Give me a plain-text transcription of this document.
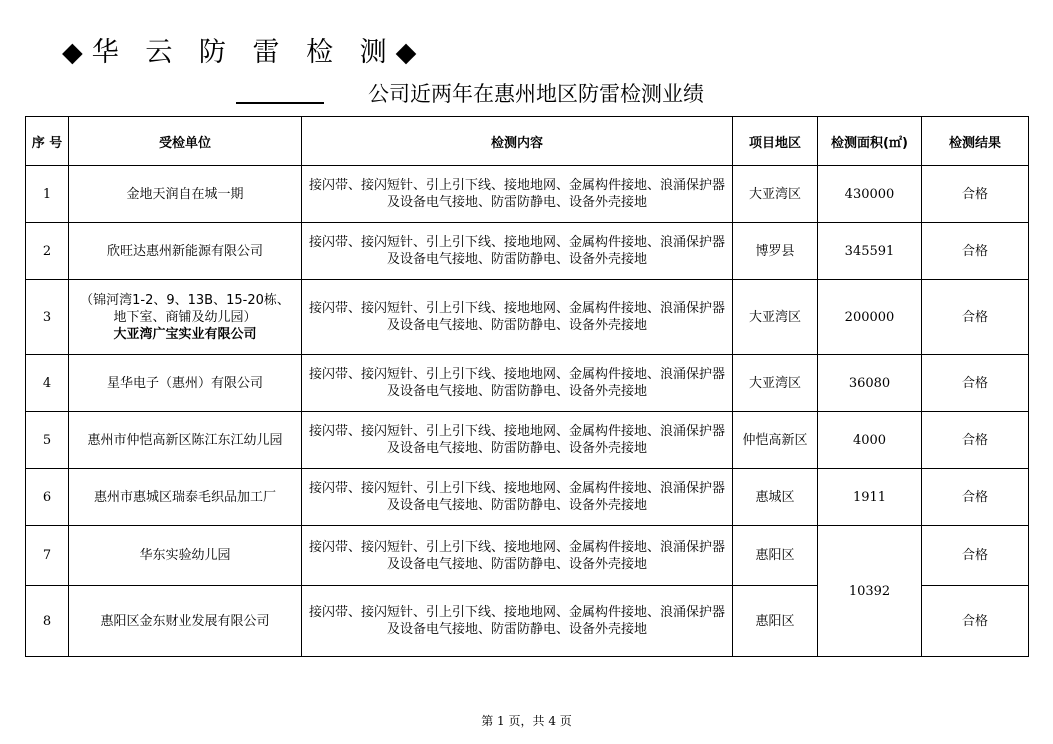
◆华 云 防 雷 检 测◆
公司近两年在惠州地区防雷检测业绩
序 号	受检单位	检测内容	项目地区	检测面积(㎡)	检测结果
1	金地天润自在城一期	接闪带、接闪短针、引上引下线、接地地网、金属构件接地、浪涌保护器及设备电气接地、防雷防静电、设备外壳接地	大亚湾区	430000	合格
2	欣旺达惠州新能源有限公司	接闪带、接闪短针、引上引下线、接地地网、金属构件接地、浪涌保护器及设备电气接地、防雷防静电、设备外壳接地	博罗县	345591	合格
3	（锦河湾1-2、9、13B、15-20栋、
地下室、商铺及幼儿园）
大亚湾广宝实业有限公司	接闪带、接闪短针、引上引下线、接地地网、金属构件接地、浪涌保护器及设备电气接地、防雷防静电、设备外壳接地	大亚湾区	200000	合格
4	星华电子（惠州）有限公司	接闪带、接闪短针、引上引下线、接地地网、金属构件接地、浪涌保护器及设备电气接地、防雷防静电、设备外壳接地	大亚湾区	36080	合格
5	惠州市仲恺高新区陈江东江幼儿园	接闪带、接闪短针、引上引下线、接地地网、金属构件接地、浪涌保护器及设备电气接地、防雷防静电、设备外壳接地	仲恺高新区	4000	合格
6	惠州市惠城区瑞泰毛织品加工厂	接闪带、接闪短针、引上引下线、接地地网、金属构件接地、浪涌保护器及设备电气接地、防雷防静电、设备外壳接地	惠城区	1911	合格
7	华东实验幼儿园	接闪带、接闪短针、引上引下线、接地地网、金属构件接地、浪涌保护器及设备电气接地、防雷防静电、设备外壳接地	惠阳区	10392	合格
8	惠阳区金东财业发展有限公司	接闪带、接闪短针、引上引下线、接地地网、金属构件接地、浪涌保护器及设备电气接地、防雷防静电、设备外壳接地	惠阳区		合格
第 1 页，共 4 页
